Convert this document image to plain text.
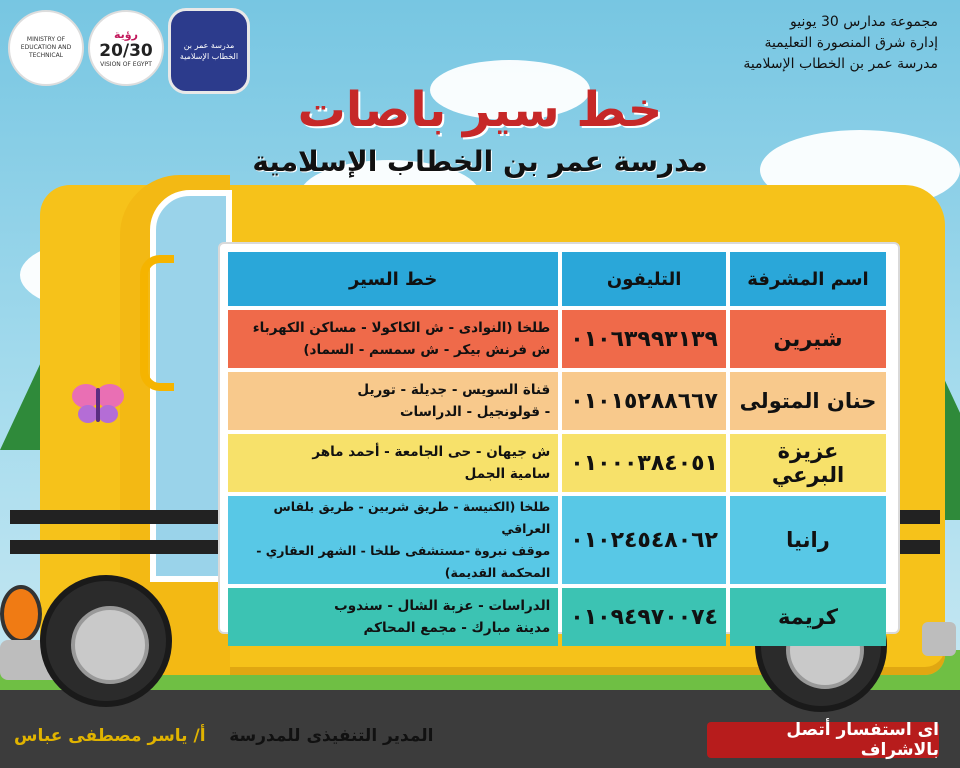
MINISTRY OF EDUCATION AND TECHNICAL
رؤية
20/30
VISION OF EGYPT
مدرسة عمر بن الخطاب الإسلامية
مجموعة مدارس 30 يونيو
إدارة شرق المنصورة التعليمية
مدرسة عمر بن الخطاب الإسلامية
خط سير باصات
مدرسة عمر بن الخطاب الإسلامية
اسم المشرفة	التليفون	خط السير
شيرين	٠١٠٦٣٩٩٣١٣٩	طلخا (النوادى - ش الكاكولا - مساكن الكهرباء
ش فرنش بيكر - ش سمسم - السماد)

حنان المتولى	٠١٠١٥٢٨٨٦٦٧	قناة السويس - جديلة - توريل
- قولونجيل - الدراسات

عزيزة البرعي	٠١٠٠٠٣٨٤٠٥١	ش جيهان - حى الجامعة - أحمد ماهر
سامية الجمل

رانيا	٠١٠٢٤٥٤٨٠٦٢	طلخا (الكنيسة - طريق شربين - طريق بلقاس العراقي
موقف نبروة -مستشفى طلخا - الشهر العقاري - المحكمة القديمة)

كريمة	٠١٠٩٤٩٧٠٠٧٤	الدراسات - عزبة الشال - سندوب
مدينة مبارك - مجمع المحاكم
اى استفسار أتصل بالاشراف
المدير التنفيذى للمدرسة    أ/ ياسر مصطفى عباس
